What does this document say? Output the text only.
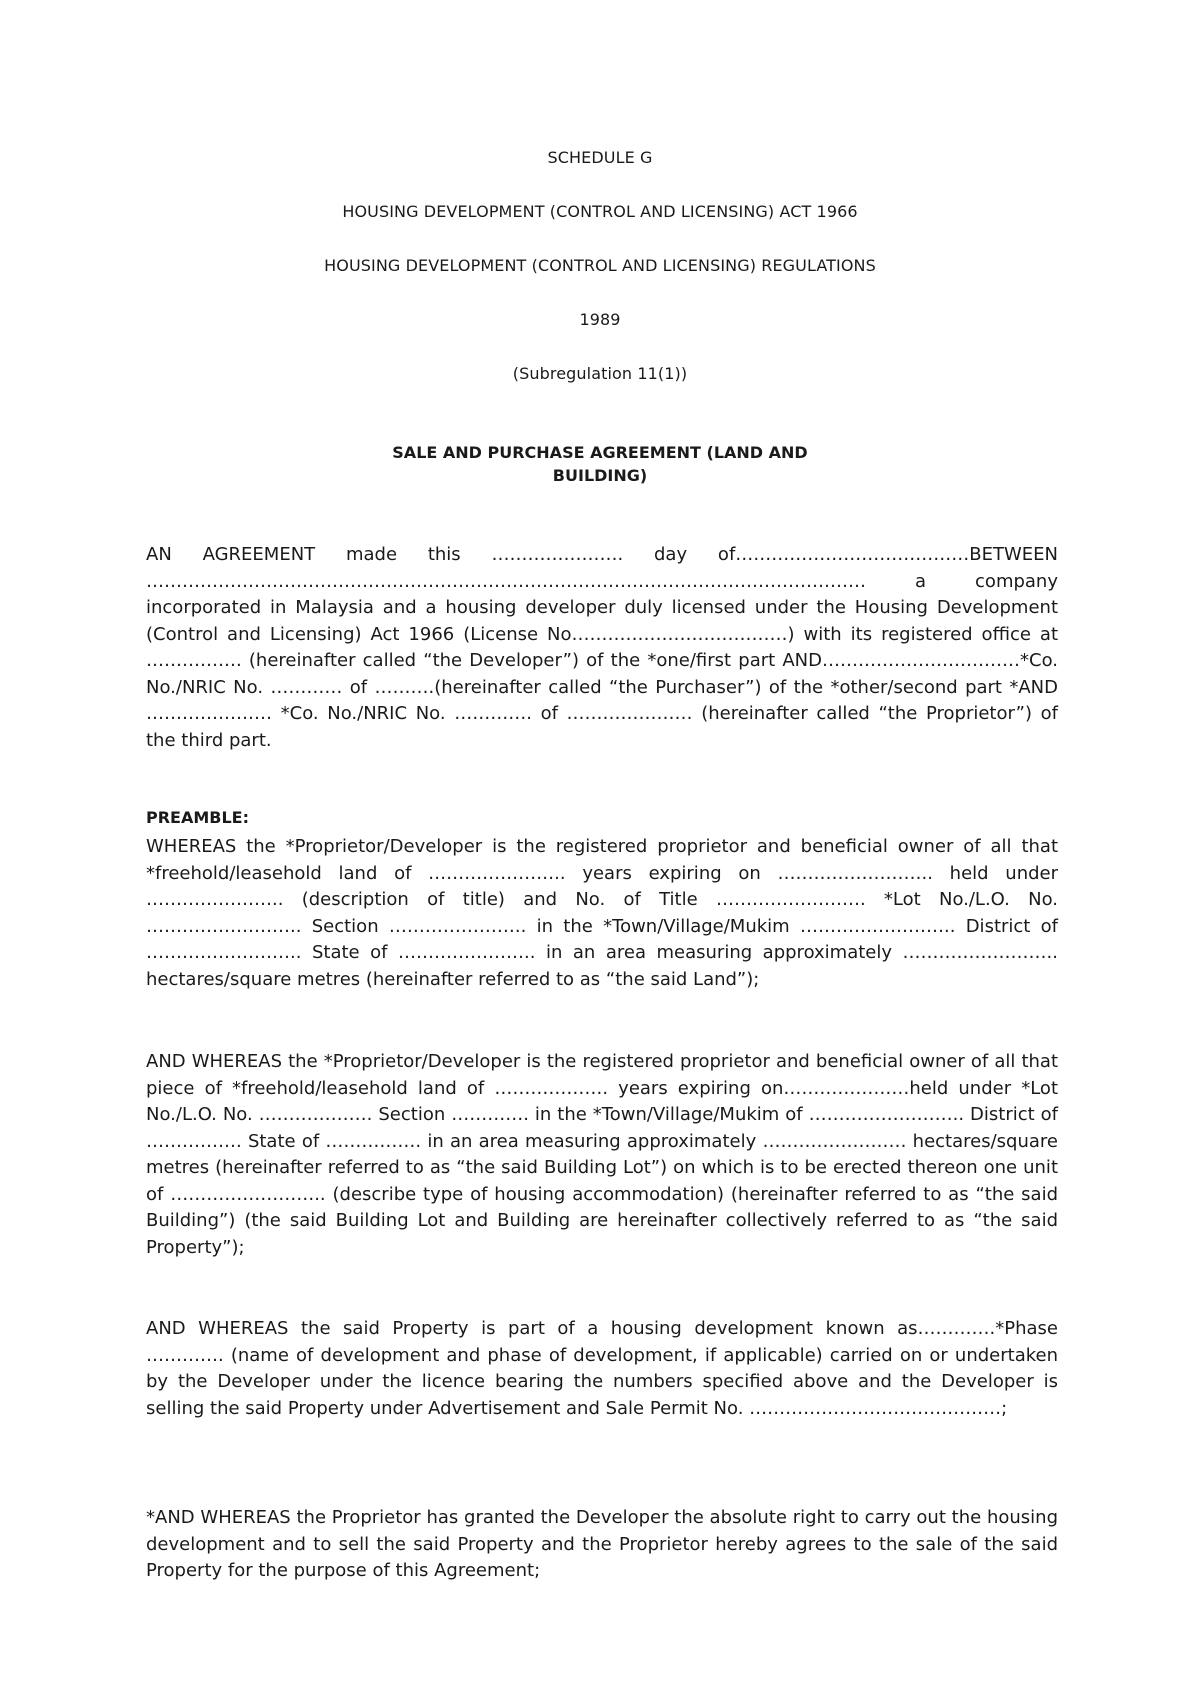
SCHEDULE G
HOUSING DEVELOPMENT (CONTROL AND LICENSING) ACT 1966
HOUSING DEVELOPMENT (CONTROL AND LICENSING) REGULATIONS
1989
(Subregulation 11(1))
SALE AND PURCHASE AGREEMENT (LAND AND
BUILDING)

AN AGREEMENT made this …………………. day of…………………………………BETWEEN ………………………………………………………………………………………………………… a company incorporated in Malaysia and a housing developer duly licensed under the Housing Development (Control and Licensing) Act 1966 (License No………………………………) with its registered office at ……………. (hereinafter called “the Developer”) of the *one/first part AND……………………………*Co. No./NRIC No. ………… of ……….(hereinafter called “the Purchaser”) of the *other/second part *AND ………………… *Co. No./NRIC No. …………. of ………………… (hereinafter called “the Proprietor”) of the third part.

PREAMBLE:

WHEREAS the *Proprietor/Developer is the registered proprietor and beneficial owner of all that *freehold/leasehold land of ………………….. years expiring on …………………….. held under ………………….. (description of title) and No. of Title ……………………. *Lot No./L.O. No. …………………….. Section ………………….. in the *Town/Village/Mukim …………………….. District of …………………….. State of ………………….. in an area measuring approximately …………………….. hectares/square metres (hereinafter referred to as “the said Land”);

AND WHEREAS the *Proprietor/Developer is the registered proprietor and beneficial owner of all that piece of *freehold/leasehold land of ………………. years expiring on…………………held under *Lot No./L.O. No. ………………. Section …………. in the *Town/Village/Mukim of …………………….. District of ……………. State of ……………. in an area measuring approximately …………………… hectares/square metres (hereinafter referred to as “the said Building Lot”) on which is to be erected thereon one unit of …………………….. (describe type of housing accommodation) (hereinafter referred to as “the said Building”) (the said Building Lot and Building are hereinafter collectively referred to as “the said Property”);

AND WHEREAS the said Property is part of a housing development known as………….*Phase …………. (name of development and phase of development, if applicable) carried on or undertaken by the Developer under the licence bearing the numbers specified above and the Developer is selling the said Property under Advertisement and Sale Permit No. ……………………………………;

*AND WHEREAS the Proprietor has granted the Developer the absolute right to carry out the housing development and to sell the said Property and the Proprietor hereby agrees to the sale of the said Property for the purpose of this Agreement;
